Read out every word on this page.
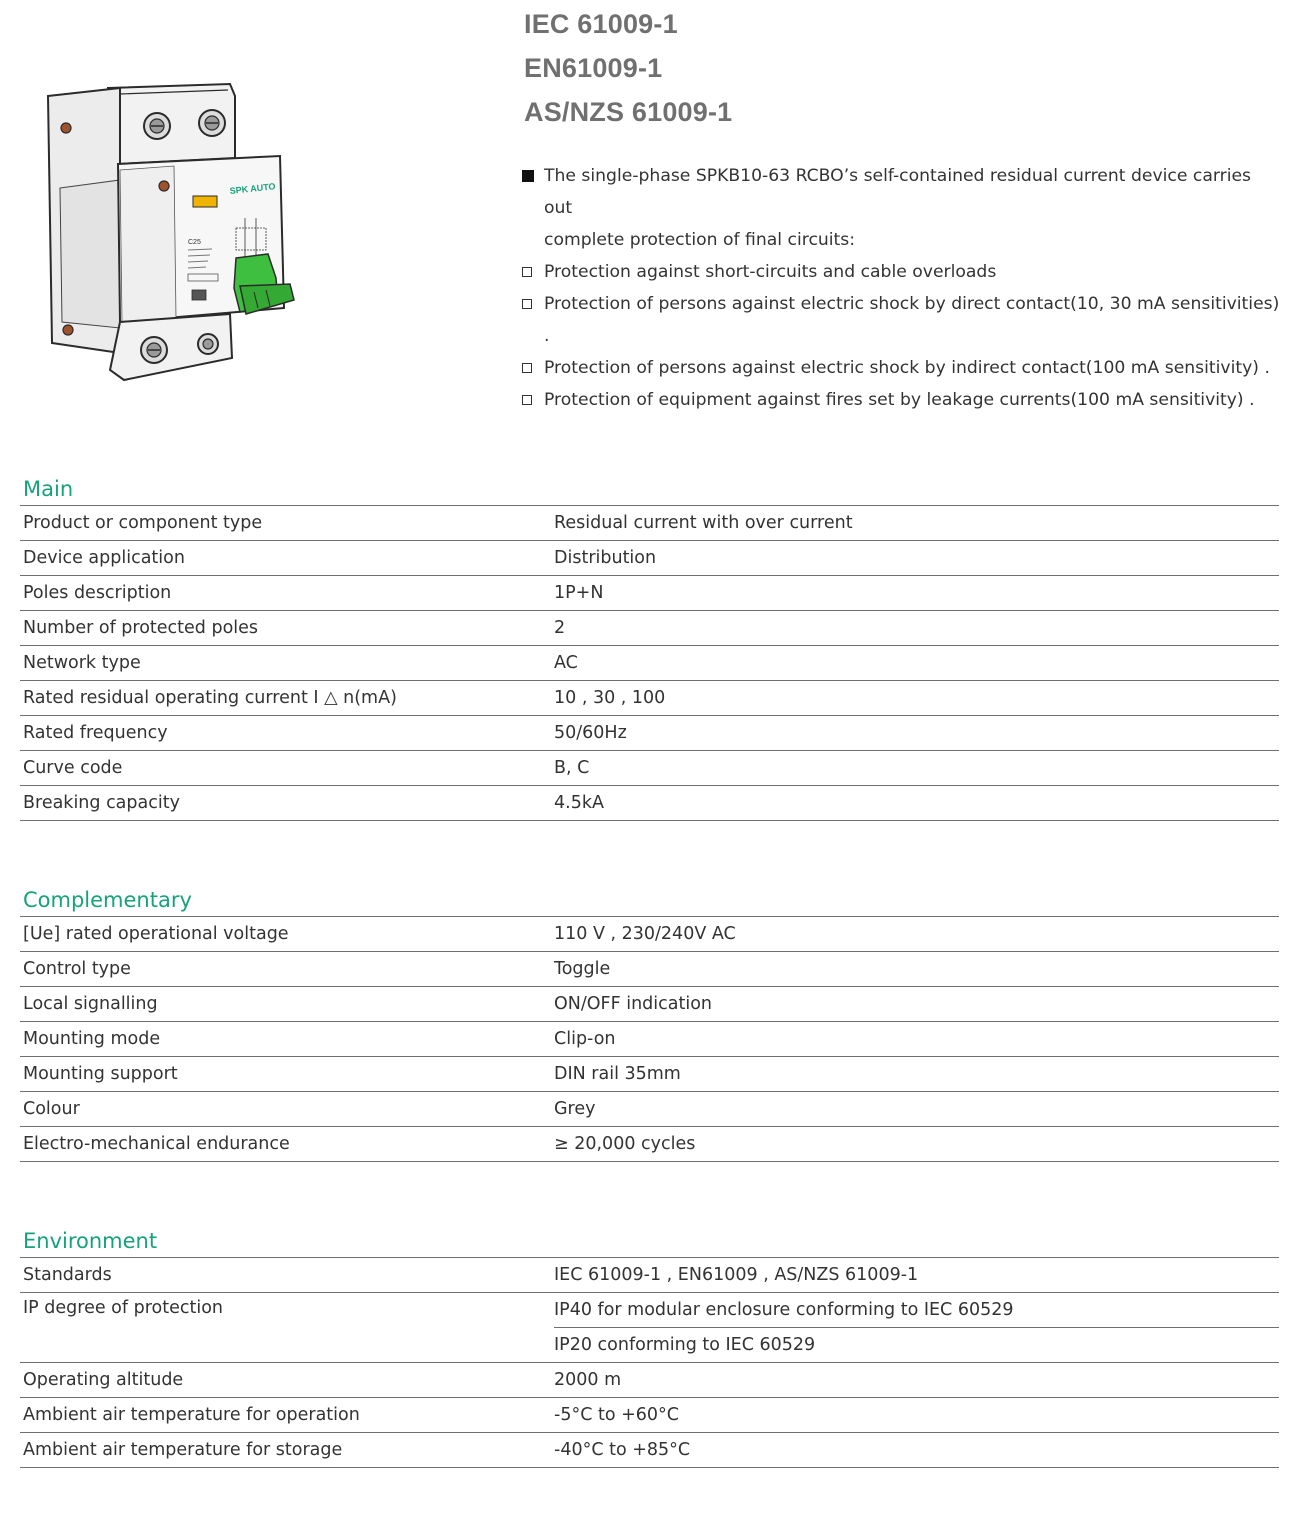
SPK AUTO
C25
IEC 61009-1
EN61009-1
AS/NZS 61009-1
The single-phase SPKB10-63 RCBO’s self-contained residual current device carries out
complete protection of final circuits:
Protection against short-circuits and cable overloads
Protection of persons against electric shock by direct contact(10, 30 mA sensitivities) .
Protection of persons against electric shock by indirect contact(100 mA sensitivity) .
Protection of equipment against fires set by leakage currents(100 mA sensitivity) .
Main
Product or component type	Residual current with over current
Device application	Distribution
Poles description	1P+N
Number of protected poles	2
Network type	AC
Rated residual operating current I △ n(mA)	10 , 30 , 100
Rated frequency	50/60Hz
Curve code	B, C
Breaking capacity	4.5kA
Complementary
[Ue] rated operational voltage	110 V , 230/240V AC
Control type	Toggle
Local signalling	ON/OFF indication
Mounting mode	Clip-on
Mounting support	DIN rail 35mm
Colour	Grey
Electro-mechanical endurance	≥ 20,000 cycles
Environment
Standards	IEC 61009-1 , EN61009 , AS/NZS 61009-1
IP degree of protection	IP40 for modular enclosure conforming to IEC 60529
IP20 conforming to IEC 60529
Operating altitude	2000 m
Ambient air temperature for operation	-5°C to +60°C
Ambient air temperature for storage	-40°C to +85°C
